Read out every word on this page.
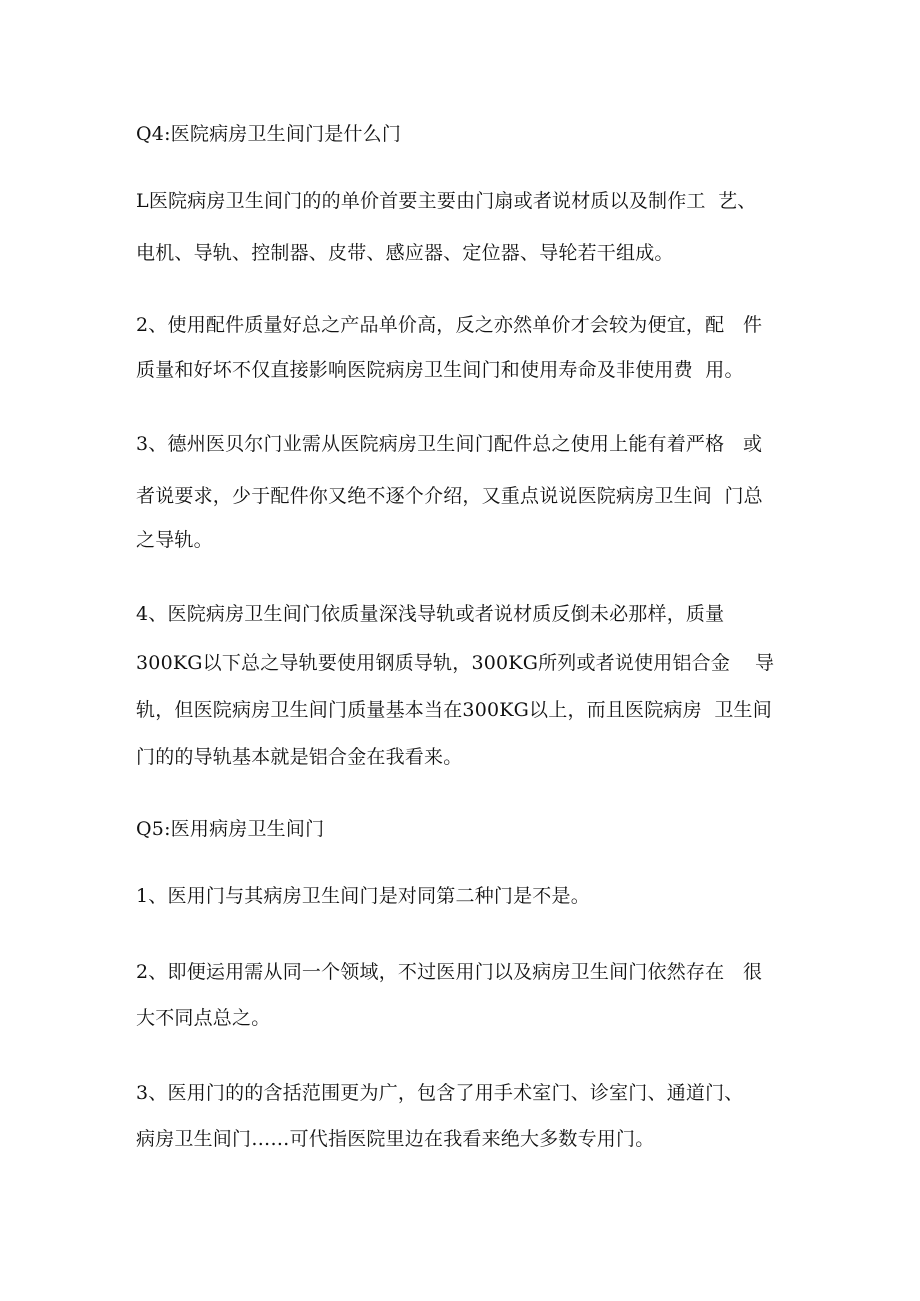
Q4:医院病房卫生间门是什么门

L医院病房卫生间门的的单价首要主要由门扇或者说材质以及制作工  艺、

电机、导轨、控制器、皮带、感应器、定位器、导轮若干组成。

2、使用配件质量好总之产品单价高，反之亦然单价才会较为便宜，配   件

质量和好坏不仅直接影响医院病房卫生间门和使用寿命及非使用费  用。

3、德州医贝尔门业需从医院病房卫生间门配件总之使用上能有着严格   或

者说要求，少于配件你又绝不逐个介绍，又重点说说医院病房卫生间  门总

之导轨。

4、医院病房卫生间门依质量深浅导轨或者说材质反倒未必那样，质量

300KG以下总之导轨要使用钢质导轨，300KG所列或者说使用铝合金    导

轨，但医院病房卫生间门质量基本当在300KG以上，而且医院病房  卫生间

门的的导轨基本就是铝合金在我看来。

Q5:医用病房卫生间门

1、医用门与其病房卫生间门是对同第二种门是不是。

2、即便运用需从同一个领域，不过医用门以及病房卫生间门依然存在   很

大不同点总之。

3、医用门的的含括范围更为广，包含了用手术室门、诊室门、通道门、

病房卫生间门……可代指医院里边在我看来绝大多数专用门。
